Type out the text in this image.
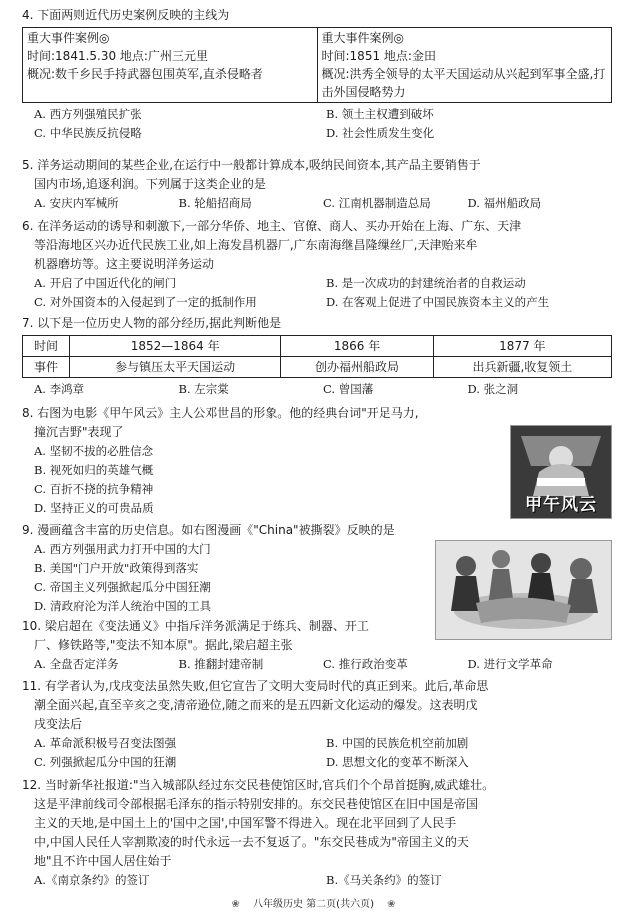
4. 下面两则近代历史案例反映的主线为
重大事件案例◎
时间:1841.5.30 地点:广州三元里
概况:数千乡民手持武器包围英军,直杀侵略者

重大事件案例◎
时间:1851 地点:金田
概况:洪秀全领导的太平天国运动从兴起到军事全盛,打击外国侵略势力
A. 西方列强殖民扩张	B. 领土主权遭到破坏
C. 中华民族反抗侵略	D. 社会性质发生变化
5. 洋务运动期间的某些企业,在运行中一般都计算成本,吸纳民间资本,其产品主要销售于
国内市场,追逐利润。下列属于这类企业的是
A. 安庆内军械所	B. 轮船招商局	C. 江南机器制造总局	D. 福州船政局
6. 在洋务运动的诱导和刺激下,一部分华侨、地主、官僚、商人、买办开始在上海、广东、天津
等沿海地区兴办近代民族工业,如上海发昌机器厂,广东南海继昌隆缫丝厂,天津贻来牟
机器磨坊等。这主要说明洋务运动
A. 开启了中国近代化的闸门	B. 是一次成功的封建统治者的自救运动
C. 对外国资本的入侵起到了一定的抵制作用	D. 在客观上促进了中国民族资本主义的产生
7. 以下是一位历史人物的部分经历,据此判断他是
时间	1852—1864 年	1866 年	1877 年
事件	参与镇压太平天国运动	创办福州船政局	出兵新疆,收复领土
A. 李鸿章	B. 左宗棠	C. 曾国藩	D. 张之洞
8. 右图为电影《甲午风云》主人公邓世昌的形象。他的经典台词"开足马力,
撞沉吉野"表现了
A. 坚韧不拔的必胜信念
B. 视死如归的英雄气概
C. 百折不挠的抗争精神
D. 坚持正义的可贵品质	甲午风云
9. 漫画蕴含丰富的历史信息。如右图漫画《"China"被撕裂》反映的是
A. 西方列强用武力打开中国的大门
B. 美国"门户开放"政策得到落实
C. 帝国主义列强掀起瓜分中国狂潮
D. 清政府沦为洋人统治中国的工具
10. 梁启超在《变法通义》中指斥洋务派满足于练兵、制器、开工
厂、修铁路等,"变法不知本原"。据此,梁启超主张
A. 全盘否定洋务	B. 推翻封建帝制	C. 推行政治变革	D. 进行文学革命
11. 有学者认为,戊戌变法虽然失败,但它宣告了文明大变局时代的真正到来。此后,革命思
潮全面兴起,直至辛亥之变,清帝逊位,随之而来的是五四新文化运动的爆发。这表明戊
戌变法后
A. 革命派积极号召变法图强	B. 中国的民族危机空前加剧
C. 列强掀起瓜分中国的狂潮	D. 思想文化的变革不断深入
12. 当时新华社报道:"当入城部队经过东交民巷使馆区时,官兵们个个昂首挺胸,威武雄壮。
这是平津前线司令部根据毛泽东的指示特别安排的。东交民巷使馆区在旧中国是帝国
主义的天地,是中国土上的'国中之国',中国军警不得进入。现在北平回到了人民手
中,中国人民任人宰割欺凌的时代永远一去不复返了。"东交民巷成为"帝国主义的天
地"且不许中国人居住始于
A.《南京条约》的签订	B.《马关条约》的签订
❀ 八年级历史 第二页(共六页) ❀
